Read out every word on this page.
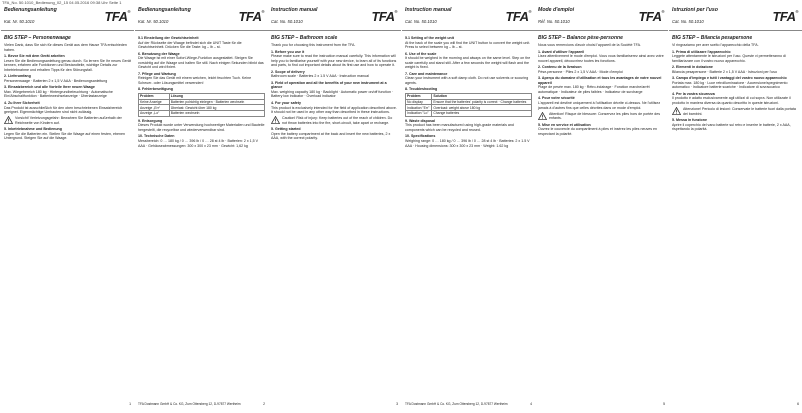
TFA_No. 50.1010_Bedienung_02_15 04.05.2016 09:38 Uhr Seite 1
Bedienungsanleitung
Kat. Nr. 50.1010	TFA®
BIG STEP – Personenwaage
Vielen Dank, dass Sie sich für dieses Gerät aus dem Hause TFA entschieden haben.
1. Bevor Sie mit dem Gerät arbeiten
Lesen Sie die Bedienungsanleitung genau durch. So lernen Sie Ihr neues Gerät kennen, erfahren alle Funktionen und Bestandteile, wichtige Details zur Inbetriebnahme und erhalten Tipps für den Störungsfall.
2. Lieferumfang
Personenwaage · Batterien 2 x 1,5 V AAA · Bedienungsanleitung
3. Einsatzbereich und alle Vorteile Ihrer neuen Waage
Max. Wiegebereich 180 kg · Hintergrundbeleuchtung · Automatische Ein/Abschaltfunktion · Batteriewechselanzeige · Überlastanzeige
4. Zu Ihrer Sicherheit
Das Produkt ist ausschließlich für den oben beschriebenen Einsatzbereich geeignet. Eigenmächtige Umbauten sind nicht zulässig.
Vorsicht! Verletzungsgefahr: Bewahren Sie Batterien außerhalb der Reichweite von Kindern auf.
5. Inbetriebnahme und Bedienung
Legen Sie die Batterien ein. Stellen Sie die Waage auf einen festen, ebenen Untergrund. Steigen Sie auf die Waage.
1
Bedienungsanleitung
Kat. Nr. 50.1010	TFA®
5.1 Einstellung der Gewichtseinheit
Auf der Rückseite der Waage befindet sich die UNIT Taste für die Gewichtseinheit. Drücken Sie die Taste: kg – lb – st.
6. Benutzung der Waage
Die Waage ist mit einer Sofort-Wiege-Funktion ausgestattet. Steigen Sie vorsichtig auf die Waage und halten Sie still. Nach einigen Sekunden blinkt das Gewicht und wird fixiert.
7. Pflege und Wartung
Reinigen Sie das Gerät mit einem weichen, leicht feuchten Tuch. Keine Scheuer- oder Lösungsmittel verwenden!
8. Fehlerbeseitigung
Problem	Lösung
Keine Anzeige	Batterien polrichtig einlegen · Batterien wechseln
Anzeige „Err“	Überlast: Gewicht über 180 kg
Anzeige „Lo“	Batterien wechseln
9. Entsorgung
Dieses Produkt wurde unter Verwendung hochwertiger Materialien und Bauteile hergestellt, die recycelbar und wiederverwendbar sind.
10. Technische Daten
Messbereich: 0 … 180 kg / 0 … 396 lb / 0 … 28 st 4 lb · Batterien: 2 x 1,5 V AAA · Gehäuseabmessungen: 300 x 300 x 23 mm · Gewicht: 1,62 kg
TFA Dostmann GmbH & Co. KG, Zum Ottersberg 12, D-97877 Wertheim	2
Instruction manual
Cat. No. 50.1010	TFA®
BIG STEP – Bathroom scale
Thank you for choosing this instrument from the TFA.
1. Before you use it
Please make sure to read the instruction manual carefully. This information will help you to familiarise yourself with your new device, to learn all of its functions and parts, to find out important details about its first use and how to operate it.
2. Scope of delivery
Bathroom scale · Batteries 2 x 1.5 V AAA · Instruction manual
3. Field of operation and all the benefits of your new instrument at a glance
Max. weighing capacity 180 kg · Backlight · Automatic power on/off function · Battery low indicator · Overload indicator
4. For your safety
This product is exclusively intended for the field of application described above. It should not be used in any other way than described in these instructions.
Caution! Risk of injury: Keep batteries out of the reach of children. Do not throw batteries into the fire, short-circuit, take apart or recharge.
5. Getting started
Open the battery compartment at the back and insert the new batteries, 2 x AAA, with the correct polarity.
3
Instruction manual
Cat. No. 50.1010	TFA®
5.1 Setting of the weight unit
At the back of the scale you will find the UNIT button to convert the weight unit. Press to select between kg – lb – st.
6. Use of the scale
It should be weighed in the morning and always on the same level. Step on the scale carefully and stand still. After a few seconds the weight will flash and the weight is fixed.
7. Care and maintenance
Clean your instrument with a soft damp cloth. Do not use solvents or scouring agents.
8. Troubleshooting
Problem	Solution
No display	Ensure that the batteries' polarity is correct · Change batteries
Indication "Err"	Overload: weight above 180 kg
Indication "Lo"	Change batteries
9. Waste disposal
This product has been manufactured using high-grade materials and components which can be recycled and reused.
10. Specifications
Weighing range: 0 … 180 kg / 0 … 396 lb / 0 … 28 st 4 lb · Batteries: 2 x 1.5 V AAA · Housing dimensions: 300 x 300 x 23 mm · Weight: 1.62 kg
TFA Dostmann GmbH & Co. KG, Zum Ottersberg 12, D-97877 Wertheim	4
Mode d'emploi
Réf. No. 50.1010	TFA®
BIG STEP – Balance pèse-personne
Nous vous remercions d'avoir choisi l'appareil de la Société TFA.
1. Avant d'utiliser l'appareil
Lisez attentivement le mode d'emploi. Vous vous familiariserez ainsi avec votre nouvel appareil, découvrirez toutes les fonctions.
2. Contenu de la livraison
Pèse-personne · Piles 2 x 1,5 V AAA · Mode d'emploi
3. Aperçu du domaine d'utilisation et tous les avantages de votre nouvel appareil
Plage de pesée max. 180 kg · Rétro-éclairage · Fonction marche/arrêt automatique · Indicateur de piles faibles · Indicateur de surcharge
4. Pour votre sécurité
L'appareil est destiné uniquement à l'utilisation décrite ci-dessus. Ne l'utilisez jamais à d'autres fins que celles décrites dans ce mode d'emploi.
Attention! Risque de blessure: Conservez les piles hors de portée des enfants.
5. Mise en service et utilisation
Ouvrez le couvercle du compartiment à piles et insérez les piles neuves en respectant la polarité.
5
Istruzioni per l'uso
Cat. No. 50.1010	TFA®
BIG STEP – Bilancia pesapersone
Vi ringraziamo per aver scelto l'apparecchio della TFA.
1. Prima di utilizzare l'apparecchio
Leggete attentamente le istruzioni per l'uso. Queste vi permetteranno di familiarizzare con il vostro nuovo apparecchio.
2. Elementi in dotazione
Bilancia pesapersone · Batterie 2 x 1,5 V AAA · Istruzioni per l'uso
3. Campo d'impiego e tutti i vantaggi del vostro nuovo apparecchio
Portata max. 180 kg · Luce retroilluminazione · Accensione/spegnimento automatico · Indicatore batterie scariche · Indicatore di sovraccarico
4. Per la vostra sicurezza
Il prodotto è adatto esclusivamente agli utilizzi di cui sopra. Non utilizzate il prodotto in maniera diversa da quanto descritto in queste istruzioni.
Attenzione! Pericolo di lesioni: Conservate le batterie fuori dalla portata dei bambini.
5. Messa in funzione
Aprire il coperchio del vano batterie sul retro e inserire le batterie, 2 x AAA, rispettando la polarità.
6
